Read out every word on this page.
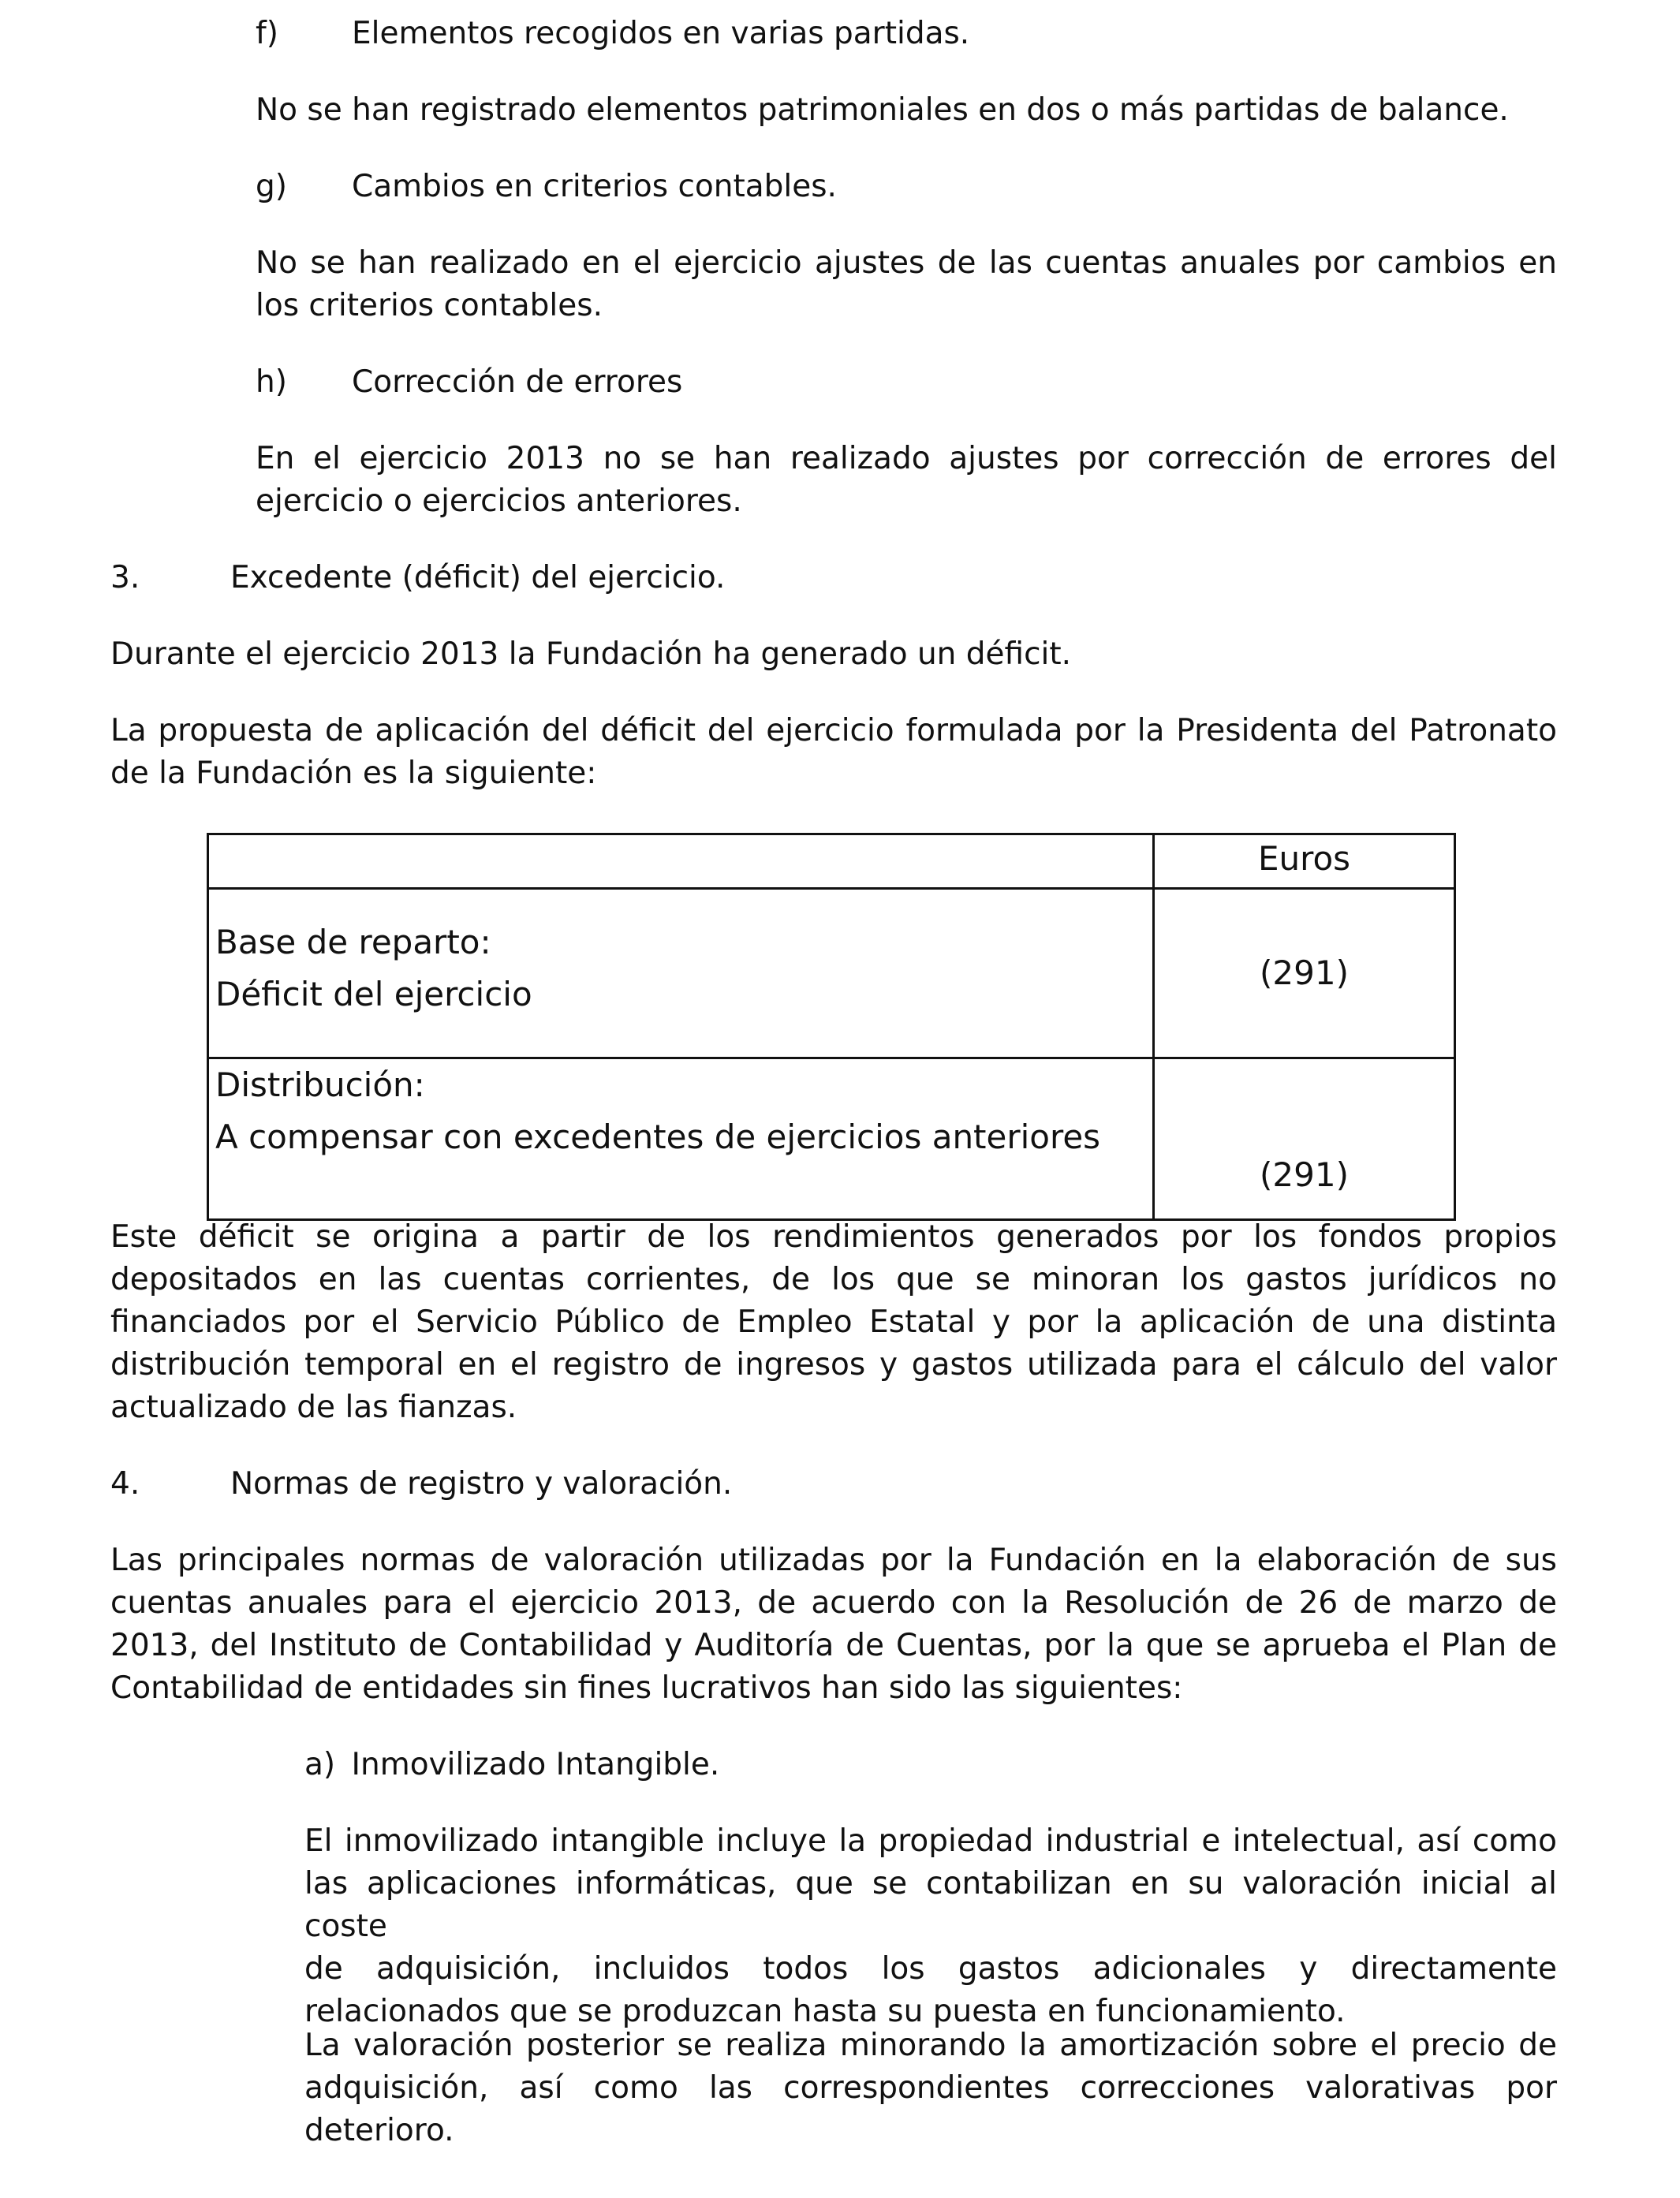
f) Elementos recogidos en varias partidas.
No se han registrado elementos patrimoniales en dos o más partidas de balance.
g) Cambios en criterios contables.
No se han realizado en el ejercicio ajustes de las cuentas anuales por cambios en
los criterios contables.
h) Corrección de errores
En el ejercicio 2013 no se han realizado ajustes por corrección de errores del
ejercicio o ejercicios anteriores.
3.	Excedente (déficit) del ejercicio.
Durante el ejercicio 2013 la Fundación ha generado un déficit.
La propuesta de aplicación del déficit del ejercicio formulada por la Presidenta del Patronato
de la Fundación es la siguiente:
	Euros

Base de reparto:
Déficit del ejercicio	(291)

Distribución:
A compensar con excedentes de ejercicios anteriores	(291)
Este déficit se origina a partir de los rendimientos generados por los fondos propios
depositados en las cuentas corrientes, de los que se minoran los gastos jurídicos no
financiados por el Servicio Público de Empleo Estatal y por la aplicación de una distinta
distribución temporal en el registro de ingresos y gastos utilizada para el cálculo del valor
actualizado de las fianzas.
4.	Normas de registro y valoración.
Las principales normas de valoración utilizadas por la Fundación en la elaboración de sus
cuentas anuales para el ejercicio 2013, de acuerdo con la Resolución de 26 de marzo de
2013, del Instituto de Contabilidad y Auditoría de Cuentas, por la que se aprueba el Plan de
Contabilidad de entidades sin fines lucrativos han sido las siguientes:
a) Inmovilizado Intangible.
El inmovilizado intangible incluye la propiedad industrial e intelectual, así como
las aplicaciones informáticas, que se contabilizan en su valoración inicial al coste
de adquisición, incluidos todos los gastos adicionales y directamente
relacionados que se produzcan hasta su puesta en funcionamiento.
La valoración posterior se realiza minorando la amortización sobre el precio de
adquisición, así como las correspondientes correcciones valorativas por
deterioro.
